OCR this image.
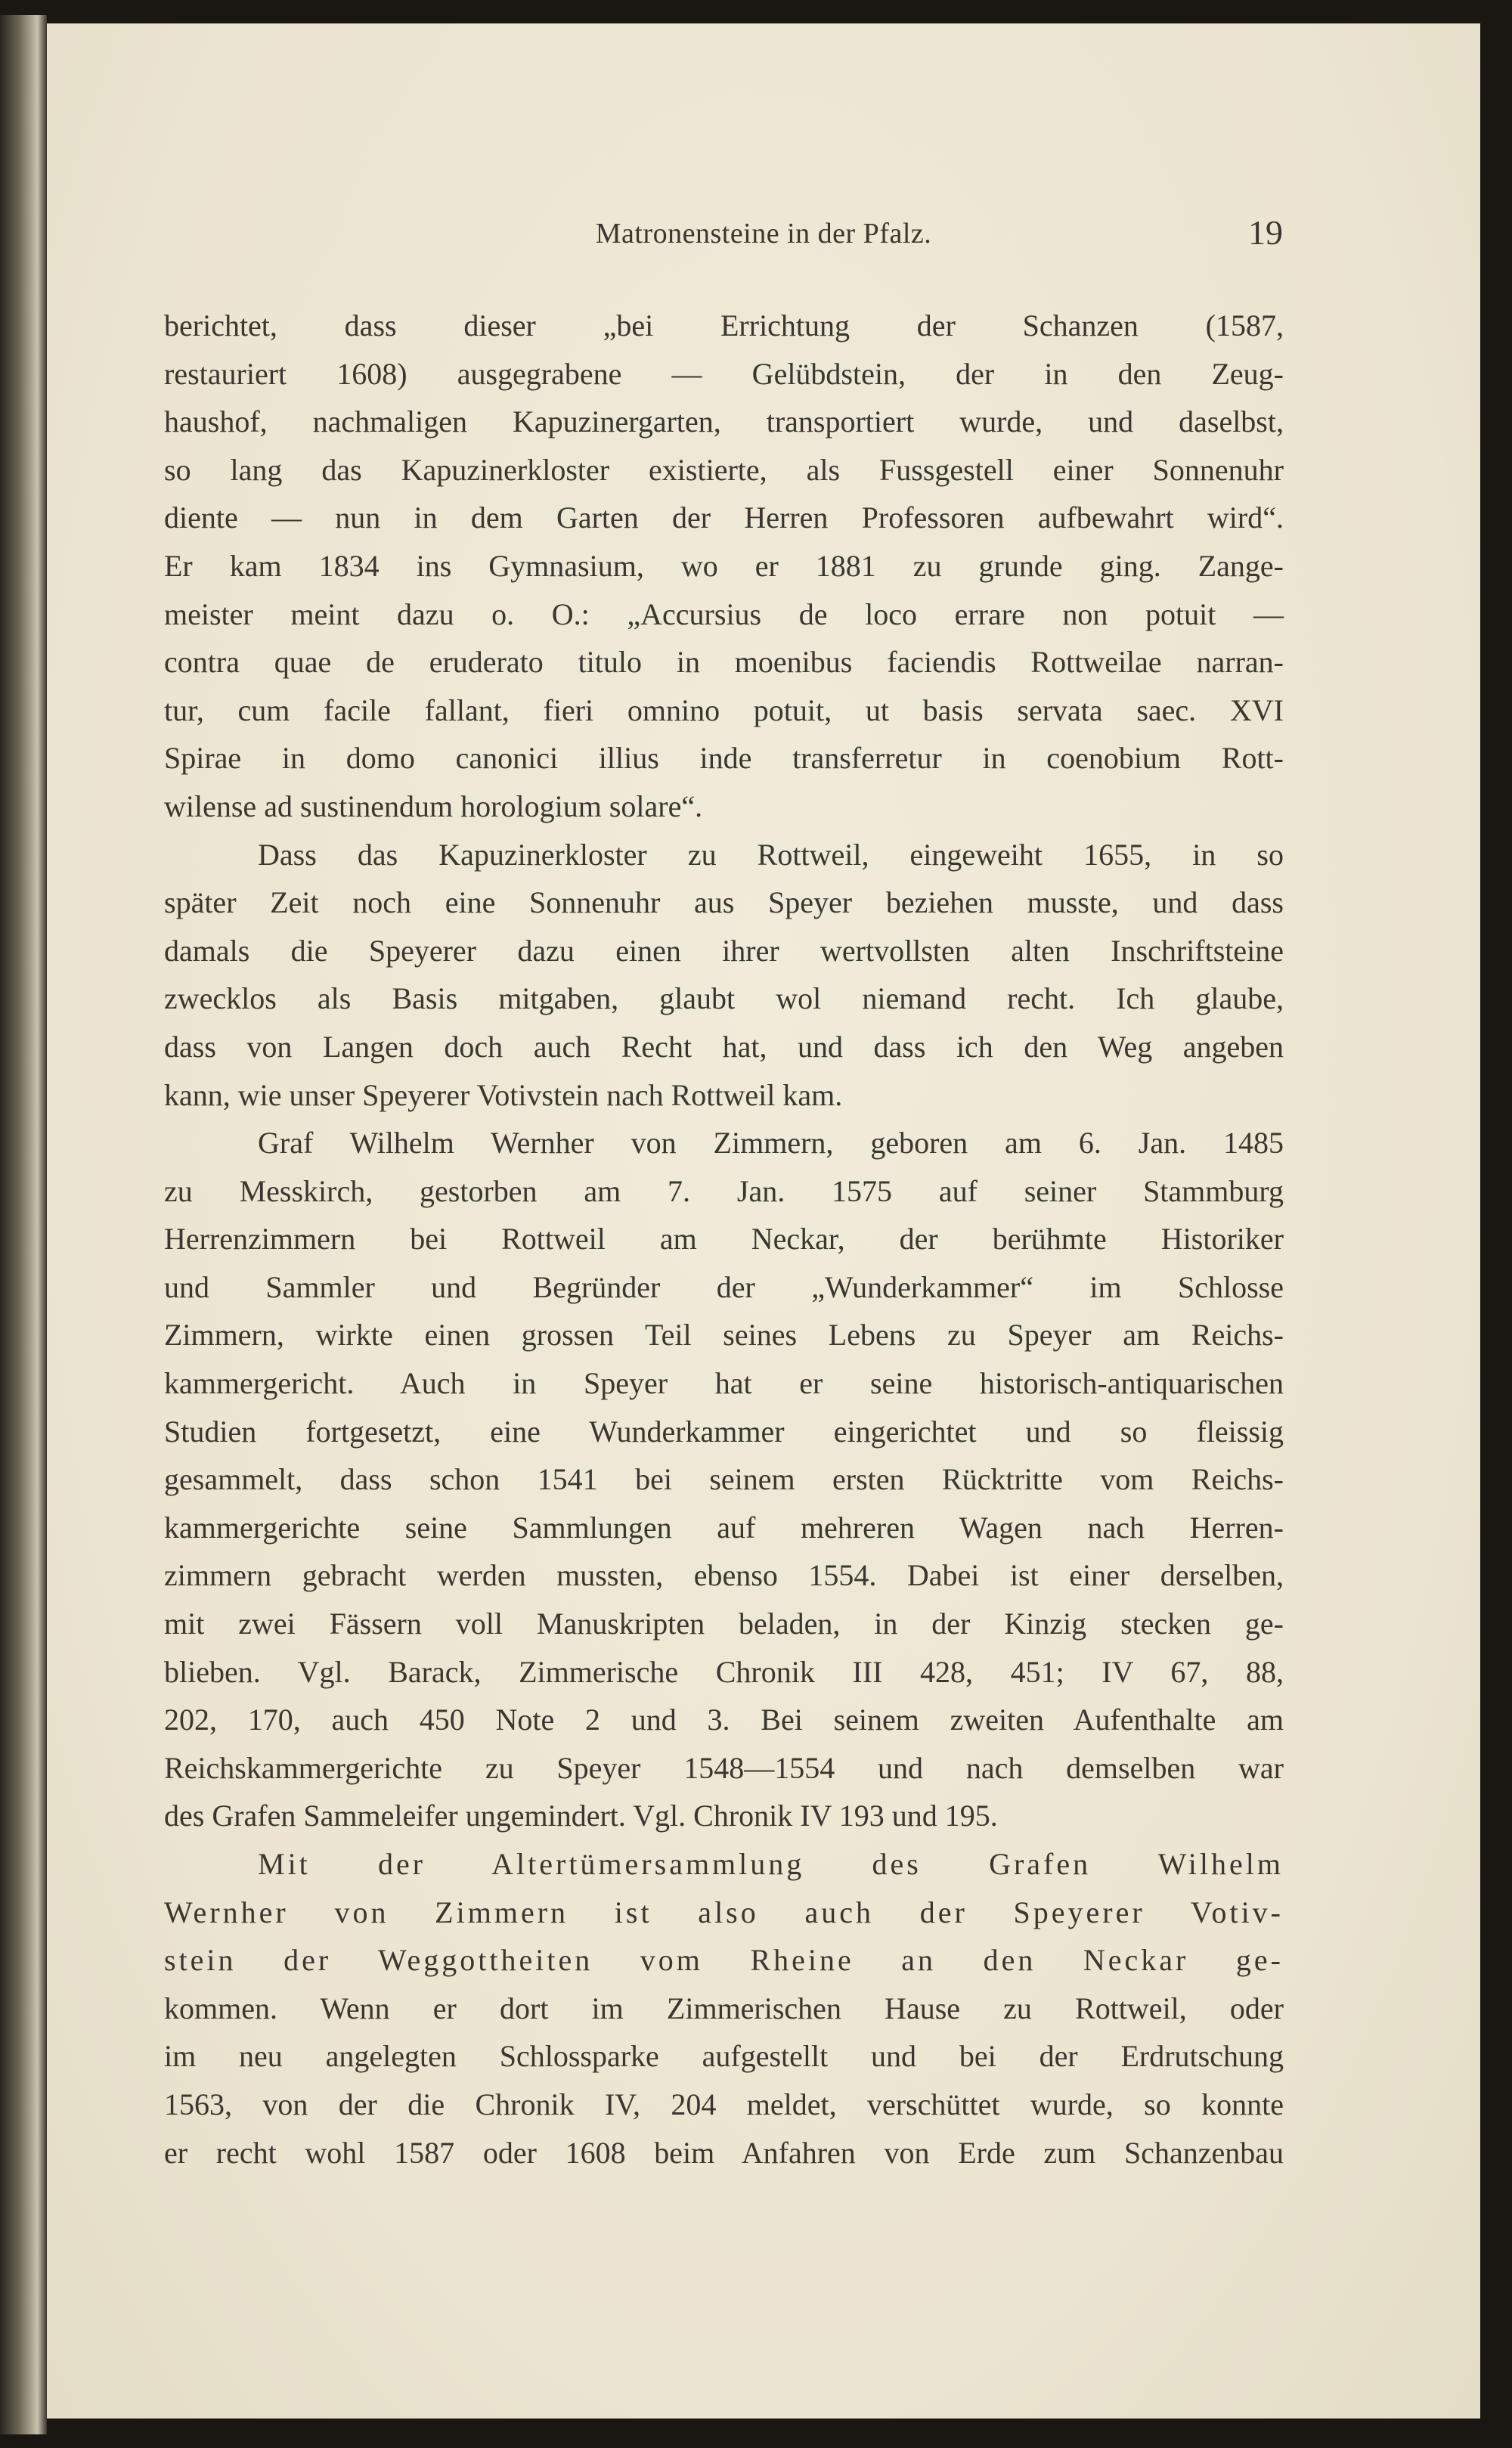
Matronensteine in der Pfalz.	19
berichtet, dass dieser „bei Errichtung der Schanzen (1587,
restauriert 1608) ausgegrabene — Gelübdstein, der in den Zeug-
haushof, nachmaligen Kapuzinergarten, transportiert wurde, und daselbst,
so lang das Kapuzinerkloster existierte, als Fussgestell einer Sonnenuhr
diente — nun in dem Garten der Herren Professoren aufbewahrt wird“.
Er kam 1834 ins Gymnasium, wo er 1881 zu grunde ging. Zange-
meister meint dazu o. O.: „Accursius de loco errare non potuit —
contra quae de eruderato titulo in moenibus faciendis Rottweilae narran-
tur, cum facile fallant, fieri omnino potuit, ut basis servata saec. XVI
Spirae in domo canonici illius inde transferretur in coenobium Rott-
wilense ad sustinendum horologium solare“.
Dass das Kapuzinerkloster zu Rottweil, eingeweiht 1655, in so
später Zeit noch eine Sonnenuhr aus Speyer beziehen musste, und dass
damals die Speyerer dazu einen ihrer wertvollsten alten Inschriftsteine
zwecklos als Basis mitgaben, glaubt wol niemand recht. Ich glaube,
dass von Langen doch auch Recht hat, und dass ich den Weg angeben
kann, wie unser Speyerer Votivstein nach Rottweil kam.
Graf Wilhelm Wernher von Zimmern, geboren am 6. Jan. 1485
zu Messkirch, gestorben am 7. Jan. 1575 auf seiner Stammburg
Herrenzimmern bei Rottweil am Neckar, der berühmte Historiker
und Sammler und Begründer der „Wunderkammer“ im Schlosse
Zimmern, wirkte einen grossen Teil seines Lebens zu Speyer am Reichs-
kammergericht. Auch in Speyer hat er seine historisch-antiquarischen
Studien fortgesetzt, eine Wunderkammer eingerichtet und so fleissig
gesammelt, dass schon 1541 bei seinem ersten Rücktritte vom Reichs-
kammergerichte seine Sammlungen auf mehreren Wagen nach Herren-
zimmern gebracht werden mussten, ebenso 1554. Dabei ist einer derselben,
mit zwei Fässern voll Manuskripten beladen, in der Kinzig stecken ge-
blieben. Vgl. Barack, Zimmerische Chronik III 428, 451; IV 67, 88,
202, 170, auch 450 Note 2 und 3. Bei seinem zweiten Aufenthalte am
Reichskammergerichte zu Speyer 1548—1554 und nach demselben war
des Grafen Sammeleifer ungemindert. Vgl. Chronik IV 193 und 195.
Mit der Altertümersammlung des Grafen Wilhelm
Wernher von Zimmern ist also auch der Speyerer Votiv-
stein der Weggottheiten vom Rheine an den Neckar ge-
kommen. Wenn er dort im Zimmerischen Hause zu Rottweil, oder
im neu angelegten Schlossparke aufgestellt und bei der Erdrutschung
1563, von der die Chronik IV, 204 meldet, verschüttet wurde, so konnte
er recht wohl 1587 oder 1608 beim Anfahren von Erde zum Schanzenbau
